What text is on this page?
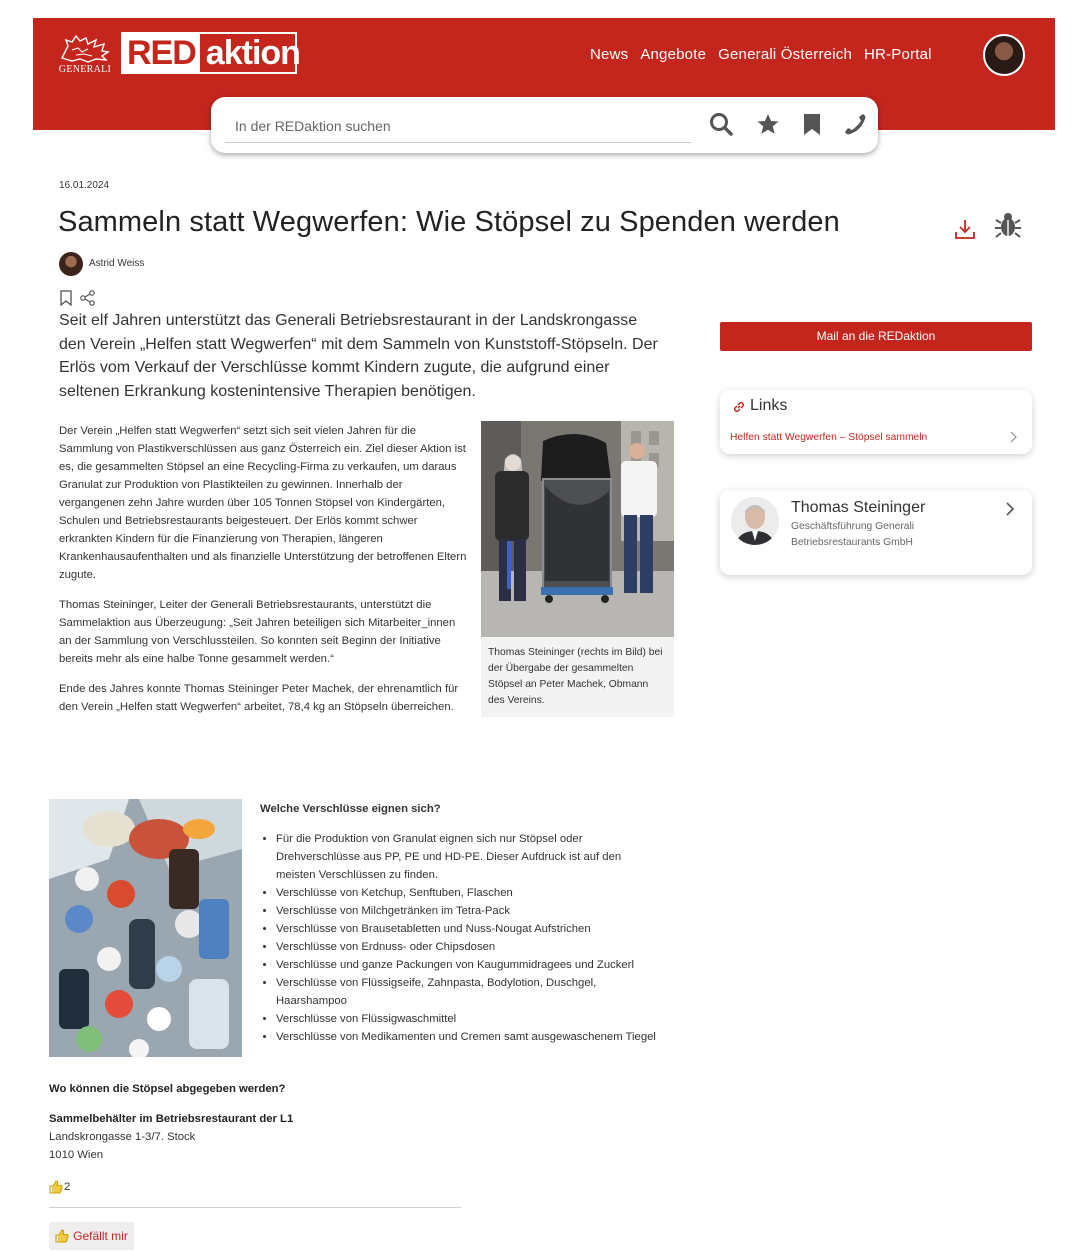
GENERALI RED aktion	News Angebote Generali Österreich HR-Portal
In der REDaktion suchen
16.01.2024
Sammeln statt Wegwerfen: Wie Stöpsel zu Spenden werden
Astrid Weiss

Seit elf Jahren unterstützt das Generali Betriebsrestaurant in der Landskrongasse den Verein „Helfen statt Wegwerfen“ mit dem Sammeln von Kunststoff-Stöpseln. Der Erlös vom Verkauf der Verschlüsse kommt Kindern zugute, die aufgrund einer seltenen Erkrankung kostenintensive Therapien benötigen.

Der Verein „Helfen statt Wegwerfen“ setzt sich seit vielen Jahren für die Sammlung von Plastikverschlüssen aus ganz Österreich ein. Ziel dieser Aktion ist es, die gesammelten Stöpsel an eine Recycling-Firma zu verkaufen, um daraus Granulat zur Produktion von Plastikteilen zu gewinnen. Innerhalb der vergangenen zehn Jahre wurden über 105 Tonnen Stöpsel von Kindergärten, Schulen und Betriebsrestaurants beigesteuert. Der Erlös kommt schwer erkrankten Kindern für die Finanzierung von Therapien, längeren Krankenhausaufenthalten und als finanzielle Unterstützung der betroffenen Eltern zugute.

Thomas Steininger, Leiter der Generali Betriebsrestaurants, unterstützt die Sammelaktion aus Überzeugung: „Seit Jahren beteiligen sich Mitarbeiter_innen an der Sammlung von Verschlussteilen. So konnten seit Beginn der Initiative bereits mehr als eine halbe Tonne gesammelt werden.“

Ende des Jahres konnte Thomas Steininger Peter Machek, der ehrenamtlich für den Verein „Helfen statt Wegwerfen“ arbeitet, 78,4 kg an Stöpseln überreichen.

Thomas Steininger (rechts im Bild) bei der Übergabe der gesammelten Stöpsel an Peter Machek, Obmann des Vereins.
Mail an die REDaktion
Links
Helfen statt Wegwerfen – Stöpsel sammeln
Thomas Steininger
Geschäftsführung Generali Betriebsrestaurants GmbH
Welche Verschlüsse eignen sich?
• Für die Produktion von Granulat eignen sich nur Stöpsel oder Drehverschlüsse aus PP, PE und HD-PE. Dieser Aufdruck ist auf den meisten Verschlüssen zu finden.
• Verschlüsse von Ketchup, Senftuben, Flaschen
• Verschlüsse von Milchgetränken im Tetra-Pack
• Verschlüsse von Brausetabletten und Nuss-Nougat Aufstrichen
• Verschlüsse von Erdnuss- oder Chipsdosen
• Verschlüsse und ganze Packungen von Kaugummidragees und Zuckerl
• Verschlüsse von Flüssigseife, Zahnpasta, Bodylotion, Duschgel, Haarshampoo
• Verschlüsse von Flüssigwaschmittel
• Verschlüsse von Medikamenten und Cremen samt ausgewaschenem Tiegel
Wo können die Stöpsel abgegeben werden?
Sammelbehälter im Betriebsrestaurant der L1
Landskrongasse 1-3/7. Stock
1010 Wien
2
Gefällt mir
